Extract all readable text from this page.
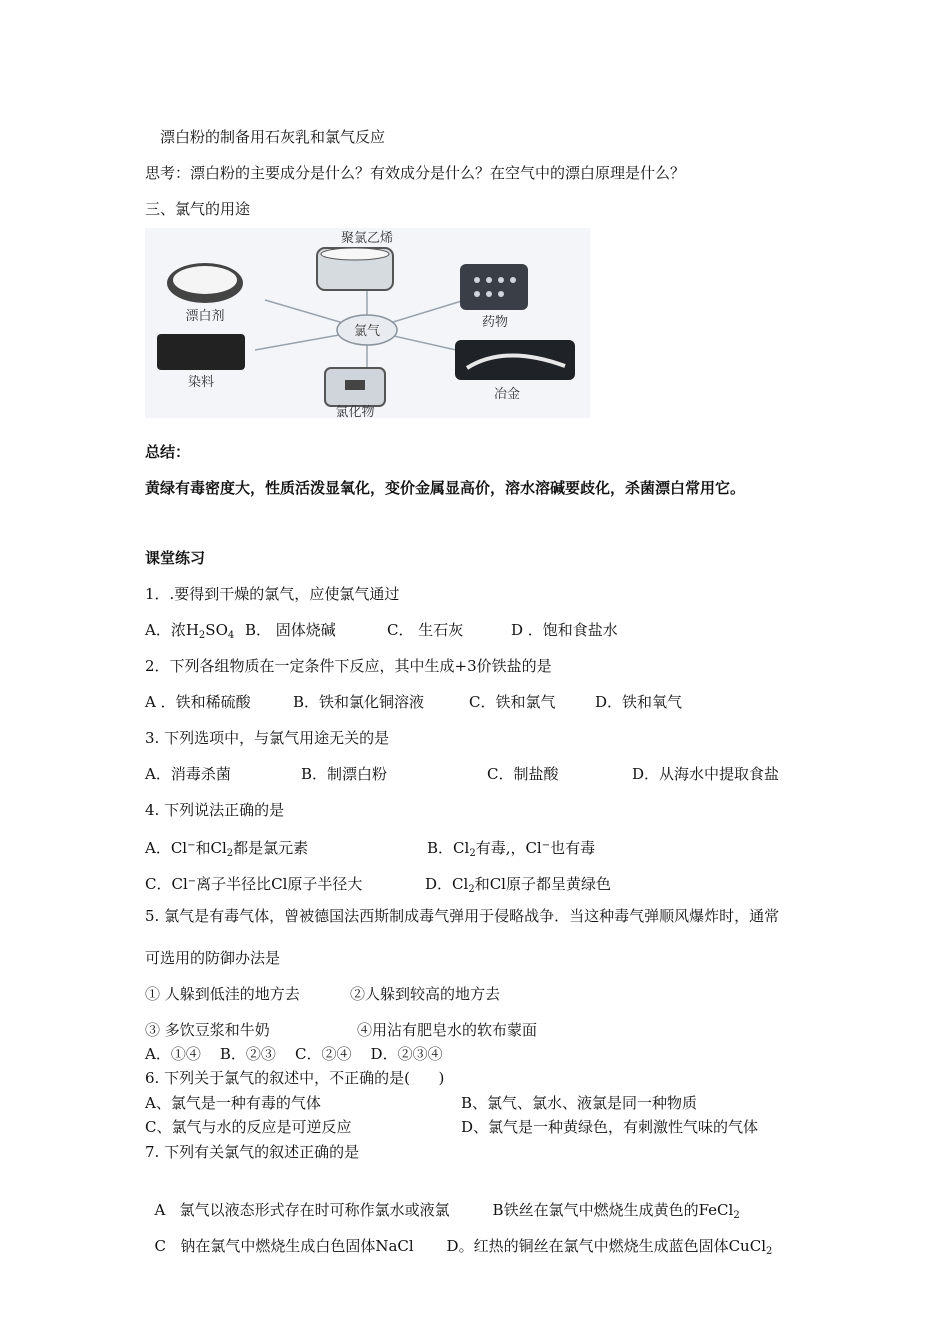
漂白粉的制备用石灰乳和氯气反应
思考：漂白粉的主要成分是什么？有效成分是什么？在空气中的漂白原理是什么？
三、氯气的用途
氯气
聚氯乙烯
漂白剂
染料
氯化物
药物
冶金
总结：
黄绿有毒密度大，性质活泼显氧化，变价金属显高价，溶水溶碱要歧化，杀菌漂白常用它。
课堂练习
1．.要得到干燥的氯气，应使氯气通过
A．浓$H_2SO_4$ B． 固体烧碱	C． 生石灰	D ．饱和食盐水
2．下列各组物质在一定条件下反应，其中生成+3价铁盐的是
A ．铁和稀硫酸	B．铁和氯化铜溶液	C．铁和氯气	D．铁和氧气
3. 下列选项中，与氯气用途无关的是
A．消毒杀菌	B．制漂白粉	C．制盐酸	D．从海水中提取食盐
4. 下列说法正确的是
A．Cl−和$Cl_2$都是氯元素	B．$Cl_2$有毒,，Cl−也有毒
C．Cl−离子半径比Cl原子半径大	D．$Cl_2$和Cl原子都呈黄绿色
5. 氯气是有毒气体，曾被德国法西斯制成毒气弹用于侵略战争．当这种毒气弹顺风爆炸时，通常
可选用的防御办法是
① 人躲到低洼的地方去	②人躲到较高的地方去
③ 多饮豆浆和牛奶	④用沾有肥皂水的软布蒙面
A．①④    B．②③    C．②④    D．②③④
6. 下列关于氯气的叙述中，不正确的是(      )
A、氯气是一种有毒的气体	B、氯气、氯水、液氯是同一种物质
C、氯气与水的反应是可逆反应	D、氯气是一种黄绿色，有刺激性气味的气体
7. 下列有关氯气的叙述正确的是

A   氯气以液态形式存在时可称作氯水或液氯	B铁丝在氯气中燃烧生成黄色的FeCl$_2$

C   钠在氯气中燃烧生成白色固体NaCl D。红热的铜丝在氯气中燃烧生成蓝色固体CuCl$_2$
